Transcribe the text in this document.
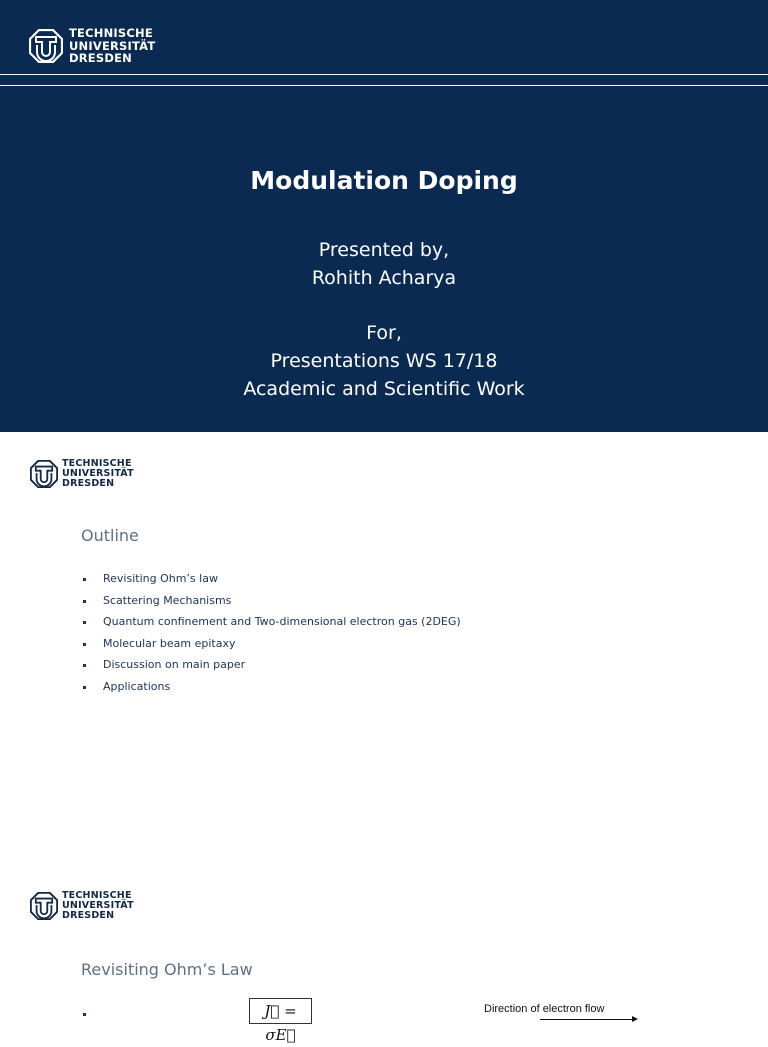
TECHNISCHE
UNIVERSITÄT
DRESDEN
Modulation Doping
Presented by,
Rohith Acharya
For,
Presentations WS 17/18
Academic and Scientific Work
TECHNISCHE
UNIVERSITÄT
DRESDEN
Outline
Revisiting Ohm’s law
Scattering Mechanisms
Quantum confinement and Two-dimensional electron gas (2DEG)
Molecular beam epitaxy
Discussion on main paper
Applications
TECHNISCHE
UNIVERSITÄT
DRESDEN
Revisiting Ohm’s Law
J⃗ = σE⃗
Direction of electron flow
